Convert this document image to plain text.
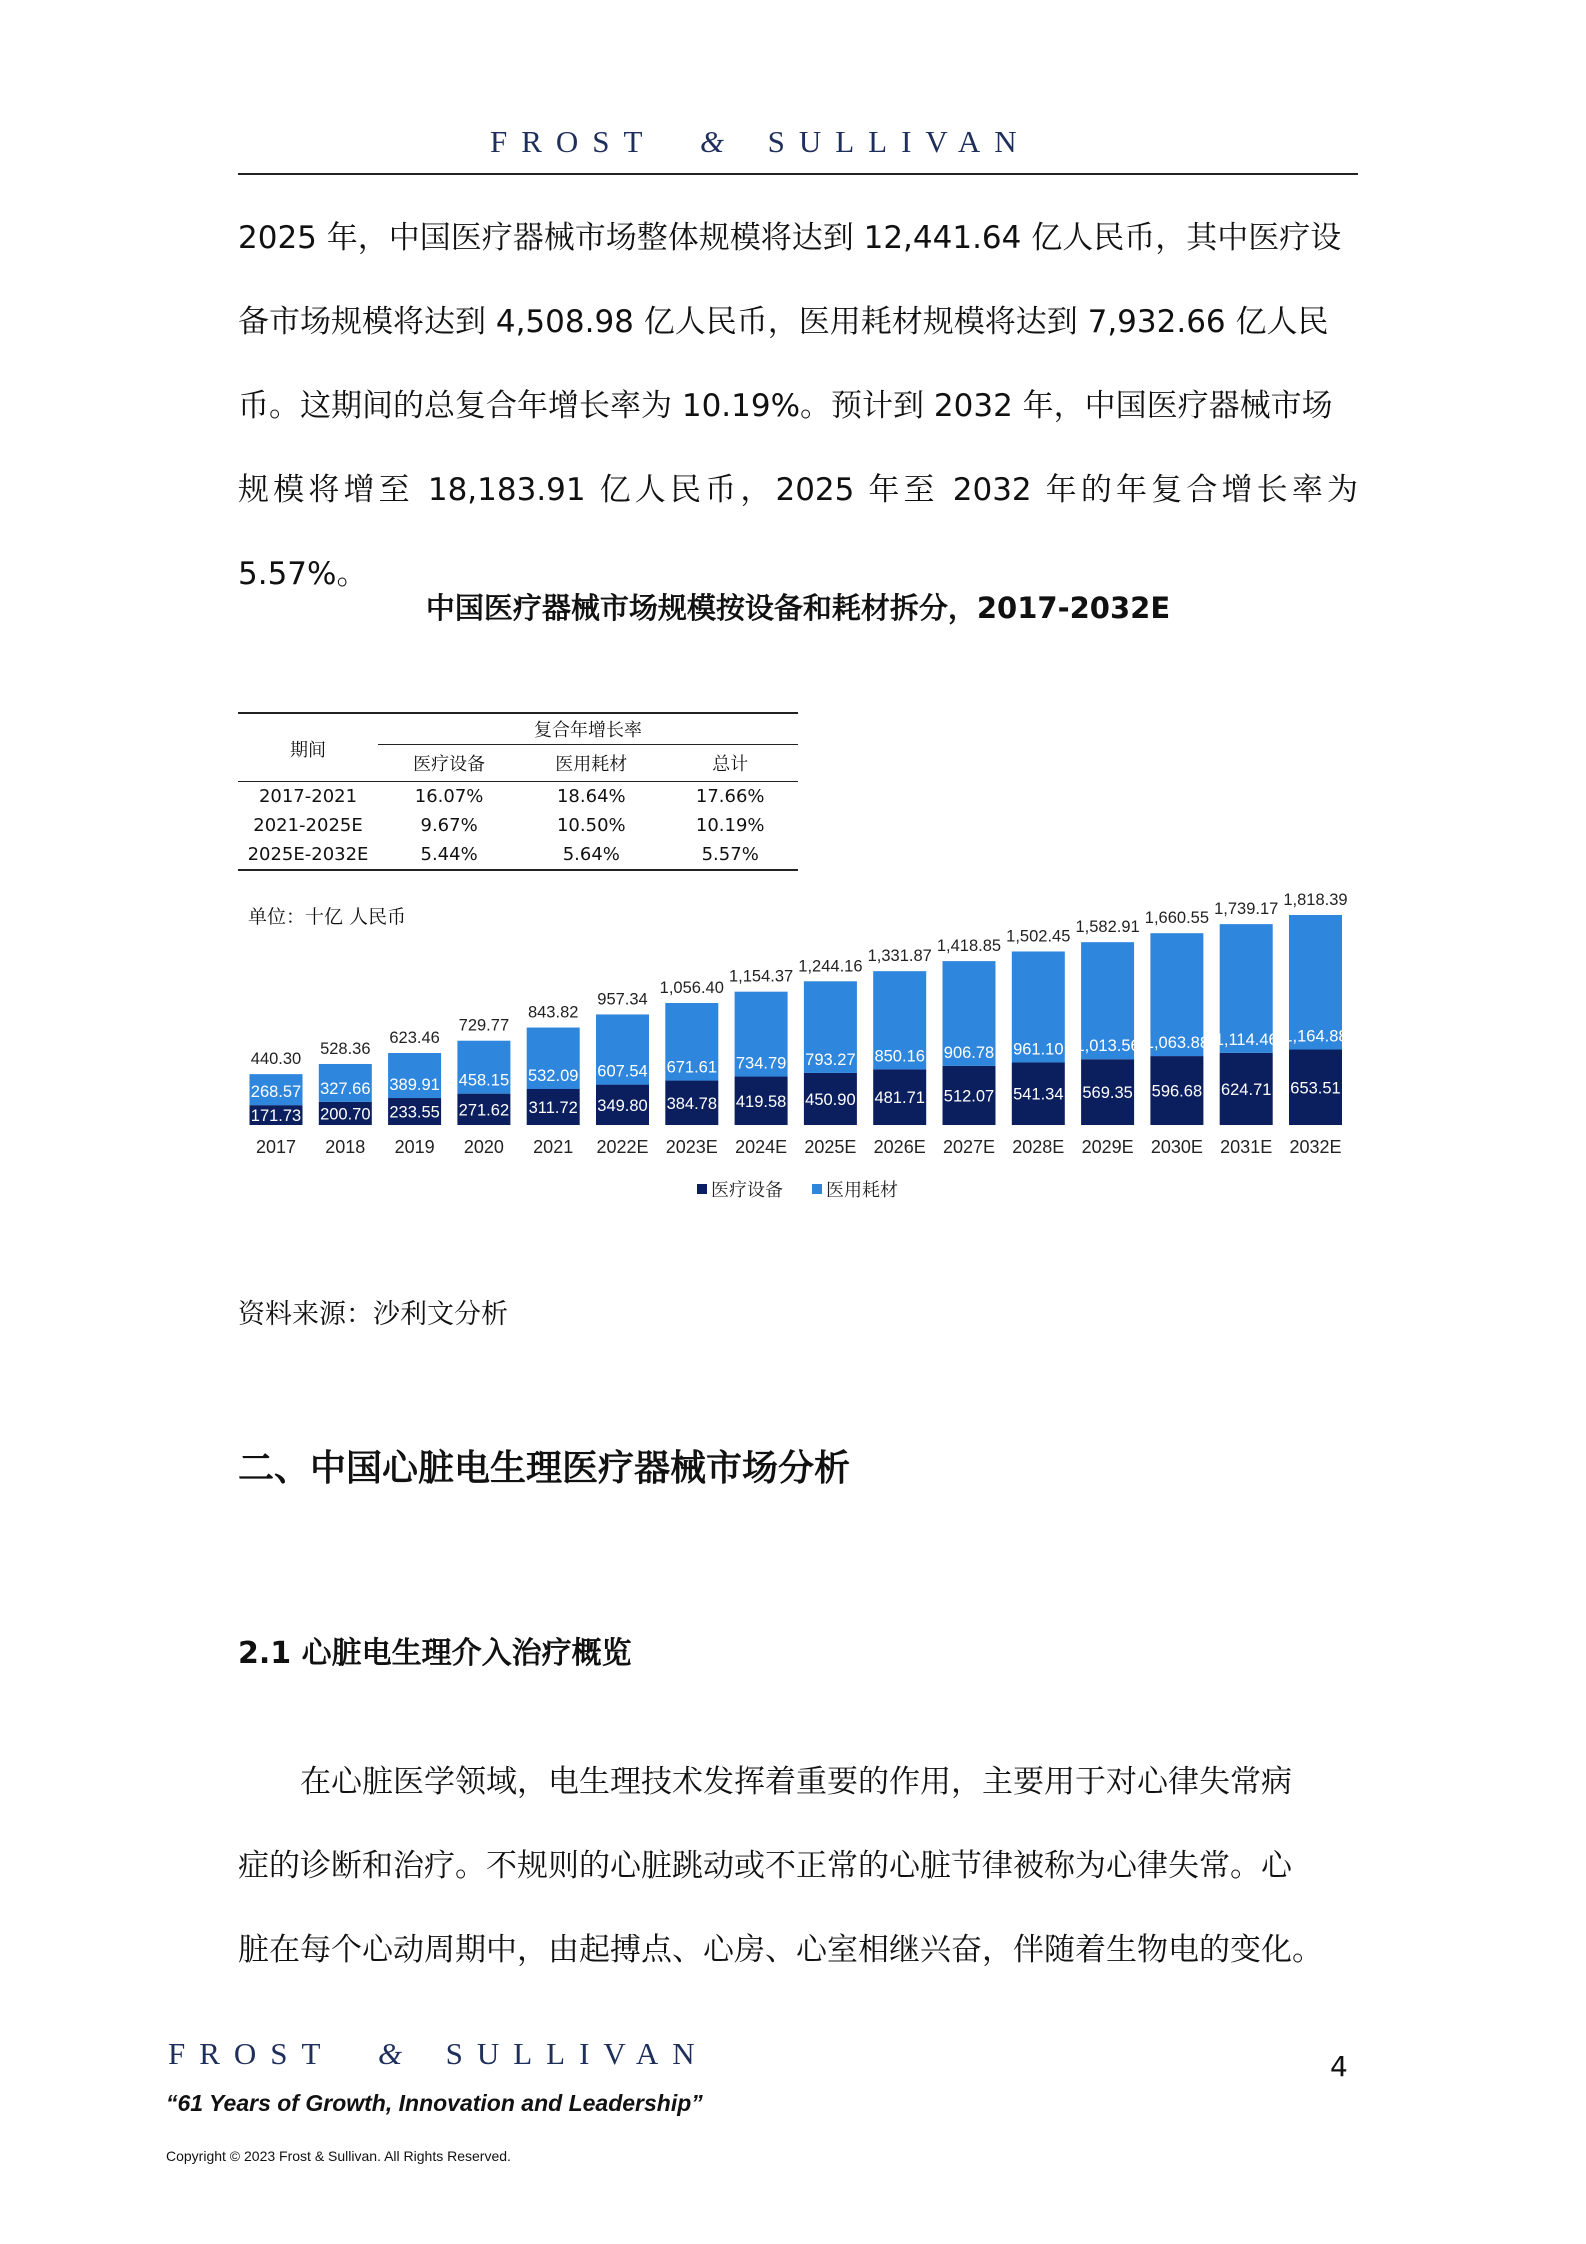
FROST & SULLIVAN
2025 年，中国医疗器械市场整体规模将达到 12,441.64 亿人民币，其中医疗设
备市场规模将达到 4,508.98 亿人民币，医用耗材规模将达到 7,932.66 亿人民
币。这期间的总复合年增长率为 10.19%。预计到 2032 年，中国医疗器械市场
规模将增至 18,183.91 亿人民币，2025 年至 2032 年的年复合增长率为 5.57%。
中国医疗器械市场规模按设备和耗材拆分，2017-2032E
期间	复合年增长率		
	医疗设备	医用耗材	总计
2017-2021	16.07%	18.64%	17.66%
2021-2025E	9.67%	10.50%	10.19%
2025E-2032E	5.44%	5.64%	5.57%
单位：十亿 人民币
171.73
268.57
440.30
2017
200.70
327.66
528.36
2018
233.55
389.91
623.46
2019
271.62
458.15
729.77
2020
311.72
532.09
843.82
2021
349.80
607.54
957.34
2022E
384.78
671.61
1,056.40
2023E
419.58
734.79
1,154.37
2024E
450.90
793.27
1,244.16
2025E
481.71
850.16
1,331.87
2026E
512.07
906.78
1,418.85
2027E
541.34
961.10
1,502.45
2028E
569.35
1,013.56
1,582.91
2029E
596.68
1,063.88
1,660.55
2030E
624.71
1,114.46
1,739.17
2031E
653.51
1,164.88
1,818.39
2032E
医疗设备 医用耗材
资料来源：沙利文分析
二、中国心脏电生理医疗器械市场分析
2.1 心脏电生理介入治疗概览
在心脏医学领域，电生理技术发挥着重要的作用，主要用于对心律失常病
症的诊断和治疗。不规则的心脏跳动或不正常的心脏节律被称为心律失常。心
脏在每个心动周期中，由起搏点、心房、心室相继兴奋，伴随着生物电的变化。
FROST & SULLIVAN	4
“61 Years of Growth, Innovation and Leadership”
Copyright © 2023 Frost & Sullivan. All Rights Reserved.
